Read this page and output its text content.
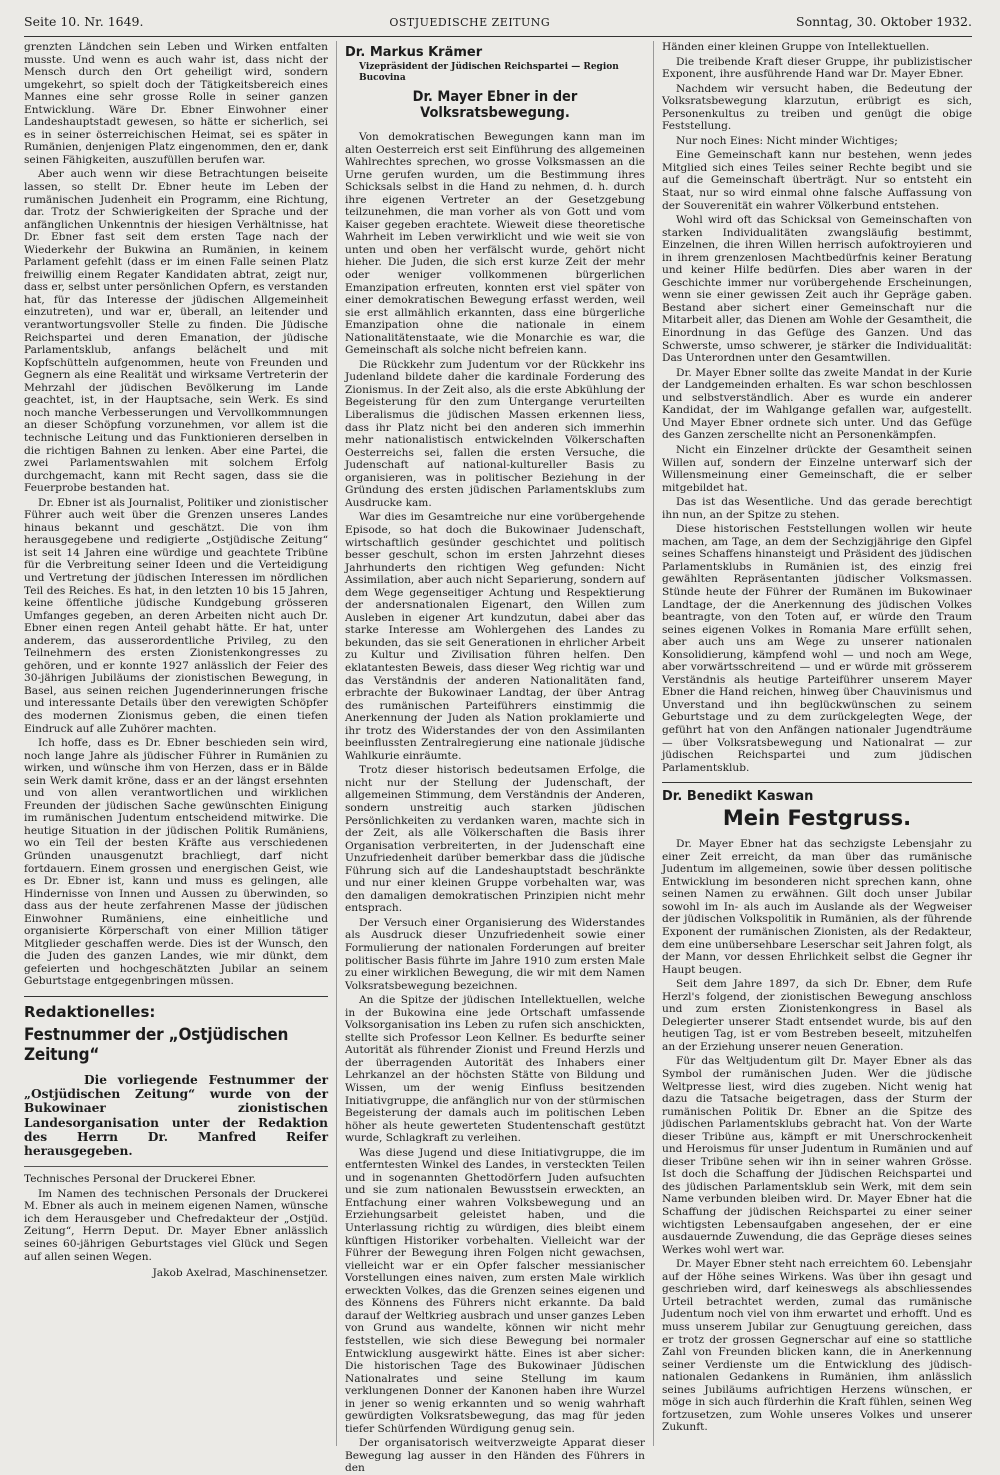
Seite 10. Nr. 1649.	OSTJUEDISCHE ZEITUNG	Sonntag, 30. Oktober 1932.

grenzten Ländchen sein Leben und Wirken entfalten musste. Und wenn es auch wahr ist, dass nicht der Mensch durch den Ort geheiligt wird, sondern umgekehrt, so spielt doch der Tätigkeitsbereich eines Mannes eine sehr grosse Rolle in seiner ganzen Entwicklung. Wäre Dr. Ebner Einwohner einer Landeshauptstadt gewesen, so hätte er sicherlich, sei es in seiner österreichischen Heimat, sei es später in Rumänien, denjenigen Platz eingenommen, den er, dank seinen Fähigkeiten, auszufüllen berufen war.

Aber auch wenn wir diese Betrachtungen beiseite lassen, so stellt Dr. Ebner heute im Leben der rumänischen Judenheit ein Programm, eine Richtung, dar. Trotz der Schwierigkeiten der Sprache und der anfänglichen Unkenntnis der hiesigen Verhältnisse, hat Dr. Ebner fast seit dem ersten Tage nach der Wiederkehr der Bukwina an Rumänien, in keinem Parlament gefehlt (dass er im einen Falle seinen Platz freiwillig einem Regater Kandidaten abtrat, zeigt nur, dass er, selbst unter persönlichen Opfern, es verstanden hat, für das Interesse der jüdischen Allgemeinheit einzutreten), und war er, überall, an leitender und verantwortungsvoller Stelle zu finden. Die Jüdische Reichspartei und deren Emanation, der jüdische Parlamentsklub, anfangs belächelt und mit Kopfschütteln aufgenommen, heute von Freunden und Gegnern als eine Realität und wirksame Vertreterin der Mehrzahl der jüdischen Bevölkerung im Lande geachtet, ist, in der Hauptsache, sein Werk. Es sind noch manche Verbesserungen und Vervollkommnungen an dieser Schöpfung vorzunehmen, vor allem ist die technische Leitung und das Funktionieren derselben in die richtigen Bahnen zu lenken. Aber eine Partei, die zwei Parlamentswahlen mit solchem Erfolg durchgemacht, kann mit Recht sagen, dass sie die Feuerprobe bestanden hat.

Dr. Ebner ist als Journalist, Politiker und zionistischer Führer auch weit über die Grenzen unseres Landes hinaus bekannt und geschätzt. Die von ihm herausgegebene und redigierte „Ostjüdische Zeitung“ ist seit 14 Jahren eine würdige und geachtete Tribüne für die Verbreitung seiner Ideen und die Verteidigung und Vertretung der jüdischen Interessen im nördlichen Teil des Reiches. Es hat, in den letzten 10 bis 15 Jahren, keine öffentliche jüdische Kundgebung grösseren Umfanges gegeben, an deren Arbeiten nicht auch Dr. Ebner einen regen Anteil gehabt hätte. Er hat, unter anderem, das ausserordentliche Privileg, zu den Teilnehmern des ersten Zionistenkongresses zu gehören, und er konnte 1927 anlässlich der Feier des 30-jährigen Jubiläums der zionistischen Bewegung, in Basel, aus seinen reichen Jugenderinnerungen frische und interessante Details über den verewigten Schöpfer des modernen Zionismus geben, die einen tiefen Eindruck auf alle Zuhörer machten.

Ich hoffe, dass es Dr. Ebner beschieden sein wird, noch lange Jahre als jüdischer Führer in Rumänien zu wirken, und wünsche ihm von Herzen, dass er in Bälde sein Werk damit kröne, dass er an der längst ersehnten und von allen verantwortlichen und wirklichen Freunden der jüdischen Sache gewünschten Einigung im rumänischen Judentum entscheidend mitwirke. Die heutige Situation in der jüdischen Politik Rumäniens, wo ein Teil der besten Kräfte aus verschiedenen Gründen unausgenutzt brachliegt, darf nicht fortdauern. Einem grossen und energischen Geist, wie es Dr. Ebner ist, kann und muss es gelingen, alle Hindernisse von Innen und Aussen zu überwinden, so dass aus der heute zerfahrenen Masse der jüdischen Einwohner Rumäniens, eine einheitliche und organisierte Körperschaft von einer Million tätiger Mitglieder geschaffen werde. Dies ist der Wunsch, den die Juden des ganzen Landes, wie mir dünkt, dem gefeierten und hochgeschätzten Jubilar an seinem Geburtstage entgegenbringen müssen.

Redaktionelles:
Festnummer der „Ostjüdischen Zeitung“

Die vorliegende Festnummer der „Ostjüdischen Zeitung“ wurde von der Bukowinaer zionistischen Landesorganisation unter der Redaktion des Herrn Dr. Manfred Reifer herausgegeben.

Technisches Personal der Druckerei Ebner.

Im Namen des technischen Personals der Druckerei M. Ebner als auch in meinem eigenen Namen, wünsche ich dem Herausgeber und Chefredakteur der „Ostjüd. Zeitung“, Herrn Deput. Dr. Mayer Ebner anlässlich seines 60-jährigen Geburtstages viel Glück und Segen auf allen seinen Wegen.

Jakob Axelrad, Maschinensetzer.
Dr. Markus Krämer
Vizepräsident der Jüdischen Reichspartei — Region Bucovina
Dr. Mayer Ebner in der Volksratsbewegung.

Von demokratischen Bewegungen kann man im alten Oesterreich erst seit Einführung des allgemeinen Wahlrechtes sprechen, wo grosse Volksmassen an die Urne gerufen wurden, um die Bestimmung ihres Schicksals selbst in die Hand zu nehmen, d. h. durch ihre eigenen Vertreter an der Gesetzgebung teilzunehmen, die man vorher als von Gott und vom Kaiser gegeben erachtete. Wieweit diese theoretische Wahrheit im Leben verwirklicht und wie weit sie von unten und oben her verfälscht wurde, gehört nicht hieher. Die Juden, die sich erst kurze Zeit der mehr oder weniger vollkommenen bürgerlichen Emanzipation erfreuten, konnten erst viel später von einer demokratischen Bewegung erfasst werden, weil sie erst allmählich erkannten, dass eine bürgerliche Emanzipation ohne die nationale in einem Nationalitätenstaate, wie die Monarchie es war, die Gemeinschaft als solche nicht befreien kann.

Die Rückkehr zum Judentum vor der Rückkehr ins Judenland bildete daher die kardinale Forderung des Zionismus. In der Zeit also, als die erste Abkühlung der Begeisterung für den zum Untergange verurteilten Liberalismus die jüdischen Massen erkennen liess, dass ihr Platz nicht bei den anderen sich immerhin mehr nationalistisch entwickelnden Völkerschaften Oesterreichs sei, fallen die ersten Versuche, die Judenschaft auf national-kultureller Basis zu organisieren, was in politischer Beziehung in der Gründung des ersten jüdischen Parlamentsklubs zum Ausdrucke kam.

War dies im Gesamtreiche nur eine vorübergehende Episode, so hat doch die Bukowinaer Judenschaft, wirtschaftlich gesünder geschichtet und politisch besser geschult, schon im ersten Jahrzehnt dieses Jahrhunderts den richtigen Weg gefunden: Nicht Assimilation, aber auch nicht Separierung, sondern auf dem Wege gegenseitiger Achtung und Respektierung der andersnationalen Eigenart, den Willen zum Ausleben in eigener Art kundzutun, dabei aber das starke Interesse am Wohlergehen des Landes zu bekunden, das sie seit Generationen in ehrlicher Arbeit zu Kultur und Zivilisation führen helfen. Den eklatantesten Beweis, dass dieser Weg richtig war und das Verständnis der anderen Nationalitäten fand, erbrachte der Bukowinaer Landtag, der über Antrag des rumänischen Parteiführers einstimmig die Anerkennung der Juden als Nation proklamierte und ihr trotz des Widerstandes der von den Assimilanten beeinflussten Zentralregierung eine nationale jüdische Wahlkurie einräumte.

Trotz dieser historisch bedeutsamen Erfolge, die nicht nur der Stellung der Judenschaft, der allgemeinen Stimmung, dem Verständnis der Anderen, sondern unstreitig auch starken jüdischen Persönlichkeiten zu verdanken waren, machte sich in der Zeit, als alle Völkerschaften die Basis ihrer Organisation verbreiterten, in der Judenschaft eine Unzufriedenheit darüber bemerkbar dass die jüdische Führung sich auf die Landeshauptstadt beschränkte und nur einer kleinen Gruppe vorbehalten war, was den damaligen demokratischen Prinzipien nicht mehr entsprach.

Der Versuch einer Organisierung des Widerstandes als Ausdruck dieser Unzufriedenheit sowie einer Formulierung der nationalen Forderungen auf breiter politischer Basis führte im Jahre 1910 zum ersten Male zu einer wirklichen Bewegung, die wir mit dem Namen Volksratsbewegung bezeichnen.

An die Spitze der jüdischen Intellektuellen, welche in der Bukowina eine jede Ortschaft umfassende Volksorganisation ins Leben zu rufen sich anschickten, stellte sich Professor Leon Kellner. Es bedurfte seiner Autorität als führender Zionist und Freund Herzls und der überragenden Autorität des Inhabers einer Lehrkanzel an der höchsten Stätte von Bildung und Wissen, um der wenig Einfluss besitzenden Initiativgruppe, die anfänglich nur von der stürmischen Begeisterung der damals auch im politischen Leben höher als heute gewerteten Studentenschaft gestützt wurde, Schlagkraft zu verleihen.

Was diese Jugend und diese Initiativgruppe, die im entferntesten Winkel des Landes, in versteckten Teilen und in sogenannten Ghettodörfern Juden aufsuchten und sie zum nationalen Bewusstsein erweckten, an Entfachung einer wahren Volksbewegung und an Erziehungsarbeit geleistet haben, und die Unterlassung richtig zu würdigen, dies bleibt einem künftigen Historiker vorbehalten. Vielleicht war der Führer der Bewegung ihren Folgen nicht gewachsen, vielleicht war er ein Opfer falscher messianischer Vorstellungen eines naiven, zum ersten Male wirklich erweckten Volkes, das die Grenzen seines eigenen und des Könnens des Führers nicht erkannte. Da bald darauf der Weltkrieg ausbrach und unser ganzes Leben von Grund aus wandelte, können wir nicht mehr feststellen, wie sich diese Bewegung bei normaler Entwicklung ausgewirkt hätte. Eines ist aber sicher: Die historischen Tage des Bukowinaer Jüdischen Nationalrates und seine Stellung im kaum verklungenen Donner der Kanonen haben ihre Wurzel in jener so wenig erkannten und so wenig wahrhaft gewürdigten Volksratsbewegung, das mag für jeden tiefer Schürfenden Würdigung genug sein.

Der organisatorisch weitverzweigte Apparat dieser Bewegung lag ausser in den Händen des Führers in den

Händen einer kleinen Gruppe von Intellektuellen.

Die treibende Kraft dieser Gruppe, ihr publizistischer Exponent, ihre ausführende Hand war Dr. Mayer Ebner.

Nachdem wir versucht haben, die Bedeutung der Volksratsbewegung klarzutun, erübrigt es sich, Personenkultus zu treiben und genügt die obige Feststellung.

Nur noch Eines: Nicht minder Wichtiges;

Eine Gemeinschaft kann nur bestehen, wenn jedes Mitglied sich eines Teiles seiner Rechte begibt und sie auf die Gemeinschaft überträgt. Nur so entsteht ein Staat, nur so wird einmal ohne falsche Auffassung von der Souverenität ein wahrer Völkerbund entstehen.

Wohl wird oft das Schicksal von Gemeinschaften von starken Individualitäten zwangsläufig bestimmt, Einzelnen, die ihren Willen herrisch aufoktroyieren und in ihrem grenzenlosen Machtbedürfnis keiner Beratung und keiner Hilfe bedürfen. Dies aber waren in der Geschichte immer nur vorübergehende Erscheinungen, wenn sie einer gewissen Zeit auch ihr Gepräge gaben. Bestand aber sichert einer Gemeinschaft nur die Mitarbeit aller, das Dienen am Wohle der Gesamtheit, die Einordnung in das Gefüge des Ganzen. Und das Schwerste, umso schwerer, je stärker die Individualität: Das Unterordnen unter den Gesamtwillen.

Dr. Mayer Ebner sollte das zweite Mandat in der Kurie der Landgemeinden erhalten. Es war schon beschlossen und selbstverständlich. Aber es wurde ein anderer Kandidat, der im Wahlgange gefallen war, aufgestellt. Und Mayer Ebner ordnete sich unter. Und das Gefüge des Ganzen zerschellte nicht an Personenkämpfen.

Nicht ein Einzelner drückte der Gesamtheit seinen Willen auf, sondern der Einzelne unterwarf sich der Willensmeinung einer Gemeinschaft, die er selber mitgebildet hat.

Das ist das Wesentliche. Und das gerade berechtigt ihn nun, an der Spitze zu stehen.

Diese historischen Feststellungen wollen wir heute machen, am Tage, an dem der Sechzigjährige den Gipfel seines Schaffens hinansteigt und Präsident des jüdischen Parlamentsklubs in Rumänien ist, des einzig frei gewählten Repräsentanten jüdischer Volksmassen. Stünde heute der Führer der Rumänen im Bukowinaer Landtage, der die Anerkennung des jüdischen Volkes beantragte, von den Toten auf, er würde den Traum seines eigenen Volkes in Romania Mare erfüllt sehen, aber auch uns am Wege zu unserer nationalen Konsolidierung, kämpfend wohl — und noch am Wege, aber vorwärtsschreitend — und er würde mit grösserem Verständnis als heutige Parteiführer unserem Mayer Ebner die Hand reichen, hinweg über Chauvinismus und Unverstand und ihn beglückwünschen zu seinem Geburtstage und zu dem zurückgelegten Wege, der geführt hat von den Anfängen nationaler Jugendträume — über Volksratsbewegung und Nationalrat — zur jüdischen Reichspartei und zum jüdischen Parlamentsklub.

Dr. Benedikt Kaswan
Mein Festgruss.

Dr. Mayer Ebner hat das sechzigste Lebensjahr zu einer Zeit erreicht, da man über das rumänische Judentum im allgemeinen, sowie über dessen politische Entwicklung im besonderen nicht sprechen kann, ohne seinen Namen zu erwähnen. Gilt doch unser Jubilar sowohl im In- als auch im Auslande als der Wegweiser der jüdischen Volkspolitik in Rumänien, als der führende Exponent der rumänischen Zionisten, als der Redakteur, dem eine unübersehbare Leserschar seit Jahren folgt, als der Mann, vor dessen Ehrlichkeit selbst die Gegner ihr Haupt beugen.

Seit dem Jahre 1897, da sich Dr. Ebner, dem Rufe Herzl's folgend, der zionistischen Bewegung anschloss und zum ersten Zionistenkongress in Basel als Delegierter unserer Stadt entsendet wurde, bis auf den heutigen Tag, ist er vom Bestreben beseelt, mitzuhelfen an der Erziehung unserer neuen Generation.

Für das Weltjudentum gilt Dr. Mayer Ebner als das Symbol der rumänischen Juden. Wer die jüdische Weltpresse liest, wird dies zugeben. Nicht wenig hat dazu die Tatsache beigetragen, dass der Sturm der rumänischen Politik Dr. Ebner an die Spitze des jüdischen Parlamentsklubs gebracht hat. Von der Warte dieser Tribüne aus, kämpft er mit Unerschrockenheit und Heroismus für unser Judentum in Rumänien und auf dieser Tribüne sehen wir ihn in seiner wahren Grösse. Ist doch die Schaffung der Jüdischen Reichspartei und des jüdischen Parlamentsklub sein Werk, mit dem sein Name verbunden bleiben wird. Dr. Mayer Ebner hat die Schaffung der jüdischen Reichspartei zu einer seiner wichtigsten Lebensaufgaben angesehen, der er eine ausdauernde Zuwendung, die das Gepräge dieses seines Werkes wohl wert war.

Dr. Mayer Ebner steht nach erreichtem 60. Lebensjahr auf der Höhe seines Wirkens. Was über ihn gesagt und geschrieben wird, darf keineswegs als abschliessendes Urteil betrachtet werden, zumal das rumänische Judentum noch viel von ihm erwartet und erhofft. Und es muss unserem Jubilar zur Genugtuung gereichen, dass er trotz der grossen Gegnerschar auf eine so stattliche Zahl von Freunden blicken kann, die in Anerkennung seiner Verdienste um die Entwicklung des jüdisch-nationalen Gedankens in Rumänien, ihm anlässlich seines Jubiläums aufrichtigen Herzens wünschen, er möge in sich auch fürderhin die Kraft fühlen, seinen Weg fortzusetzen, zum Wohle unseres Volkes und unserer Zukunft.
